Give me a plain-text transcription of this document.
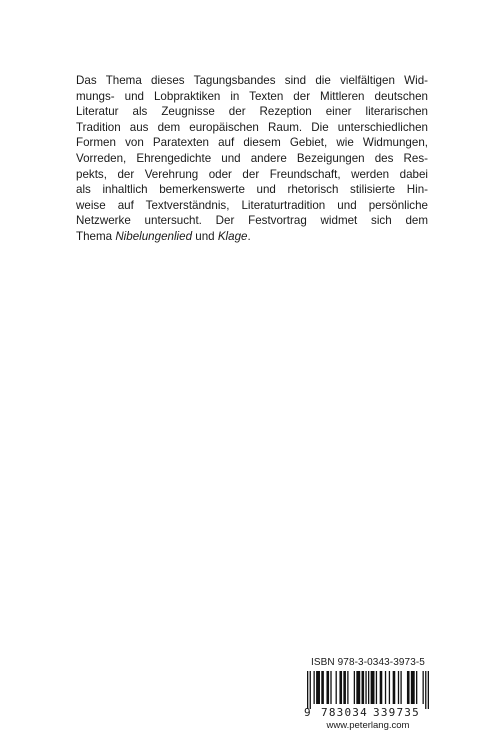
Das Thema dieses Tagungsbandes sind die vielfältigen Wid-
mungs- und Lobpraktiken in Texten der Mittleren deutschen
Literatur als Zeugnisse der Rezeption einer literarischen
Tradition aus dem europäischen Raum. Die unterschiedlichen
Formen von Paratexten auf diesem Gebiet, wie Widmungen,
Vorreden, Ehrengedichte und andere Bezeigungen des Res-
pekts, der Verehrung oder der Freundschaft, werden dabei
als inhaltlich bemerkenswerte und rhetorisch stilisierte Hin-
weise auf Textverständnis, Literaturtradition und persönliche
Netzwerke untersucht. Der Festvortrag widmet sich dem
Thema Nibelungenlied und Klage.
ISBN 978-3-0343-3973-5
9 783034 339735
www.peterlang.com
